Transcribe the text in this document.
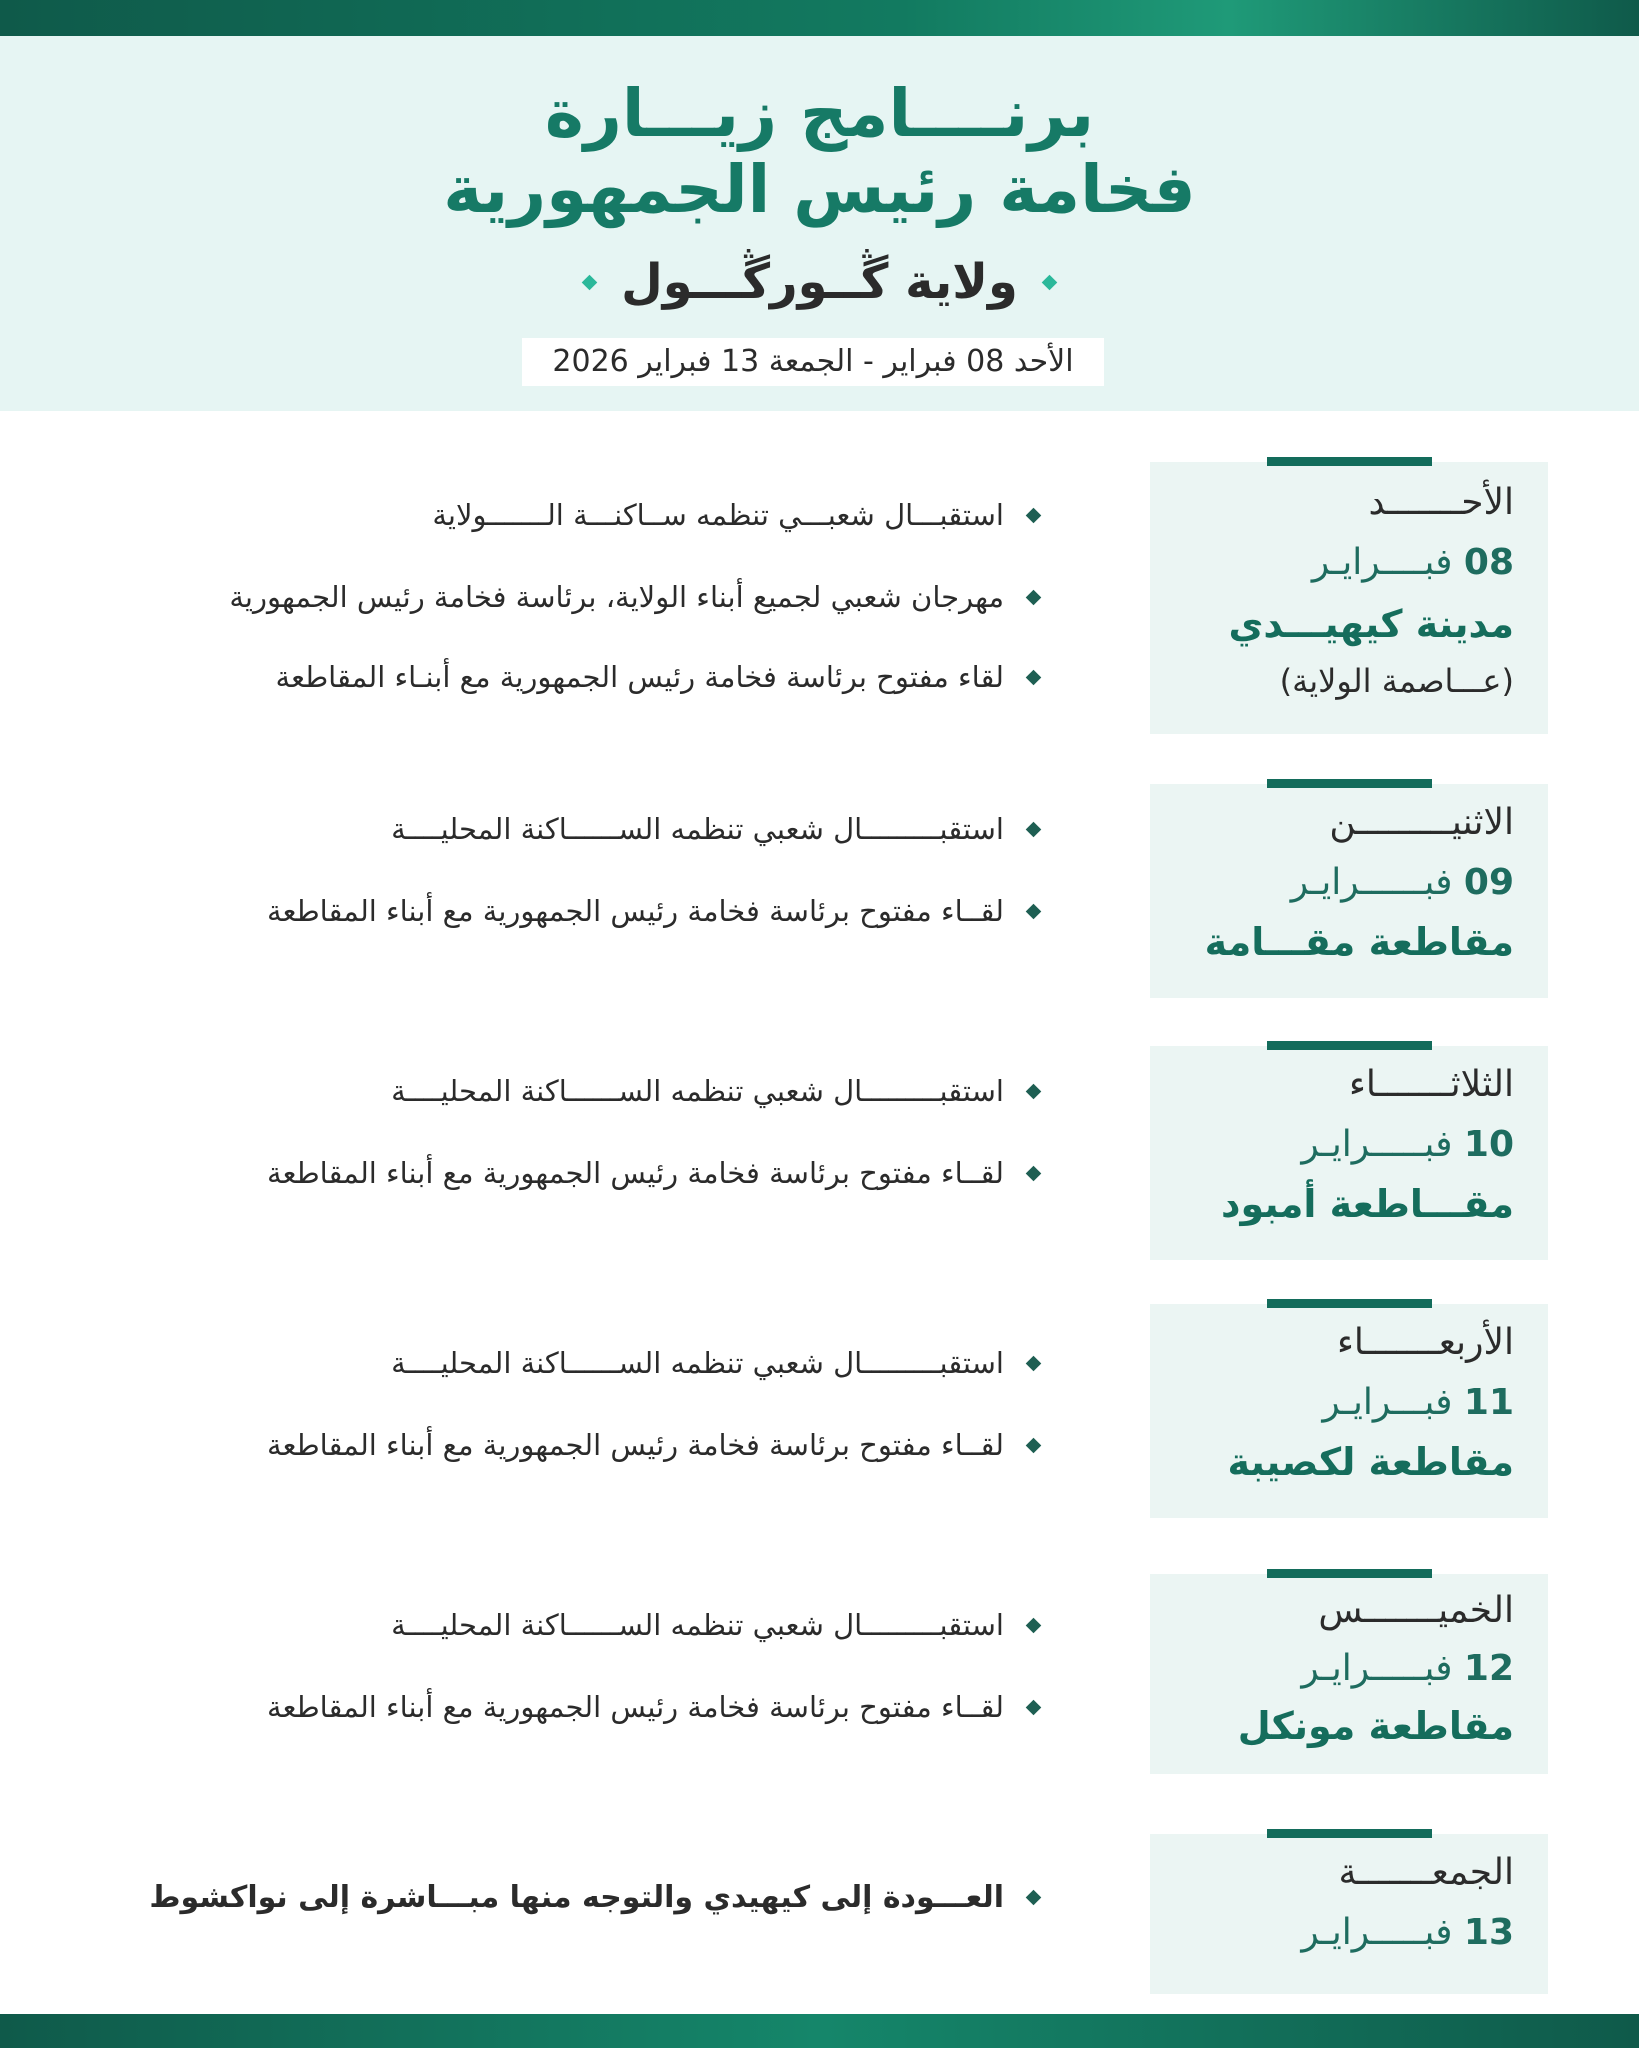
برنــــامج زيـــارة
فخامة رئيس الجمهورية
ولاية ڴــورڴـــول
الأحد 08 فبراير - الجمعة 13 فبراير 2026
الأحـــــــد
08 فبــــرايـر
مدينة كيهيـــدي
(عـــاصمة الولاية)
استقبـــال شعبـــي تنظمه ســاكنـــة الـــــــولاية
مهرجان شعبي لجميع أبناء الولاية، برئاسة فخامة رئيس الجمهورية
لقاء مفتوح برئاسة فخامة رئيس الجمهورية مع أبنـاء المقاطعة
الاثنيـــــــــن
09 فبــــــرايـر
مقاطعة مقـــامة
استقبـــــــــال شعبي تنظمه الســــــاكنة المحليــــة
لقــاء مفتوح برئاسة فخامة رئيس الجمهورية مع أبناء المقاطعة
الثلاثـــــــاء
10 فبـــــرايـر
مقـــاطعة أمبود
استقبـــــــــال شعبي تنظمه الســــــاكنة المحليــــة
لقــاء مفتوح برئاسة فخامة رئيس الجمهورية مع أبناء المقاطعة
الأربعـــــــاء
11 فبـــرايـر
مقاطعة لكصيبة
استقبـــــــــال شعبي تنظمه الســــــاكنة المحليــــة
لقــاء مفتوح برئاسة فخامة رئيس الجمهورية مع أبناء المقاطعة
الخميـــــــس
12 فبـــــرايـر
مقاطعة مونكل
استقبـــــــــال شعبي تنظمه الســــــاكنة المحليــــة
لقــاء مفتوح برئاسة فخامة رئيس الجمهورية مع أبناء المقاطعة
الجمعـــــــة
13 فبـــــرايـر
العـــودة إلى كيهيدي والتوجه منها مبـــاشرة إلى نواكشوط
